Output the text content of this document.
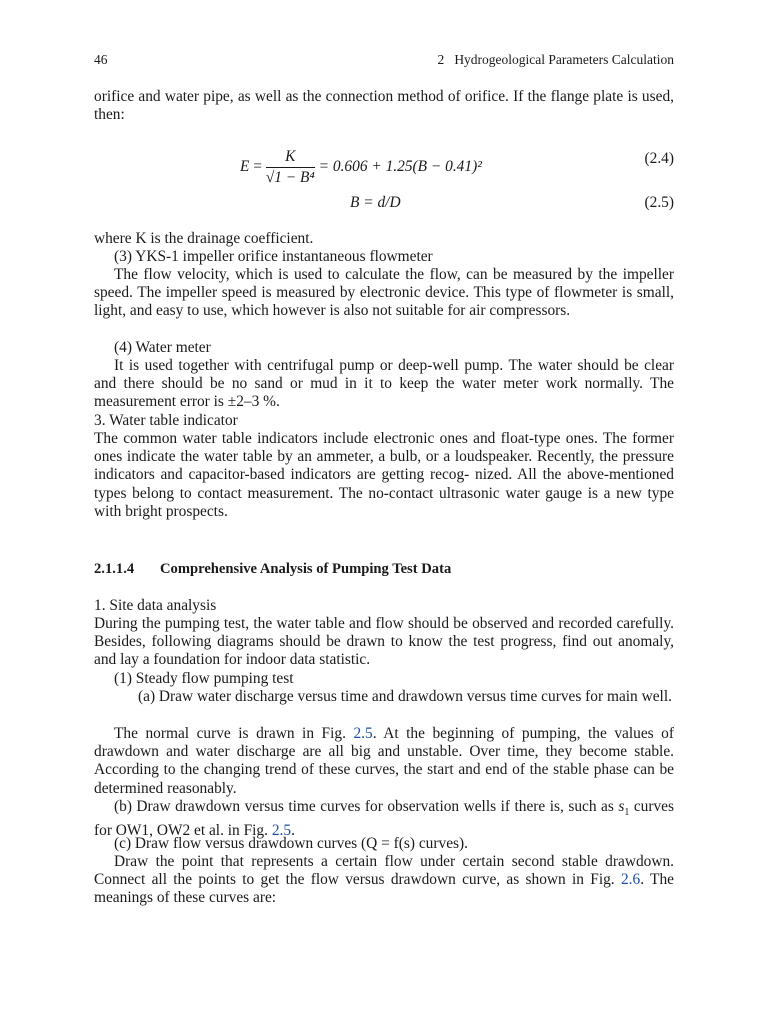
46	2   Hydrogeological Parameters Calculation

orifice and water pipe, as well as the connection method of orifice. If the flange plate is used, then:

$E = \frac{K}{\text{√1 − B⁴}} = 0.606 + 1.25(B - 0.41)^2$	(2.4)
B = d/D	(2.5)

where K is the drainage coefficient.

(3) YKS-1 impeller orifice instantaneous flowmeter

The flow velocity, which is used to calculate the flow, can be measured by the impeller speed. The impeller speed is measured by electronic device. This type of flowmeter is small, light, and easy to use, which however is also not suitable for air compressors.

(4) Water meter

It is used together with centrifugal pump or deep-well pump. The water should be clear and there should be no sand or mud in it to keep the water meter work normally. The measurement error is ±2–3 %.

3. Water table indicator

The common water table indicators include electronic ones and float-type ones. The former ones indicate the water table by an ammeter, a bulb, or a loudspeaker. Recently, the pressure indicators and capacitor-based indicators are getting recog- nized. All the above-mentioned types belong to contact measurement. The no-contact ultrasonic water gauge is a new type with bright prospects.

2.1.1.4 Comprehensive Analysis of Pumping Test Data

1. Site data analysis

During the pumping test, the water table and flow should be observed and recorded carefully. Besides, following diagrams should be drawn to know the test progress, find out anomaly, and lay a foundation for indoor data statistic.

(1) Steady flow pumping test

(a) Draw water discharge versus time and drawdown versus time curves for main well.

The normal curve is drawn in Fig. 2.5. At the beginning of pumping, the values of drawdown and water discharge are all big and unstable. Over time, they become stable. According to the changing trend of these curves, the start and end of the stable phase can be determined reasonably.

(b) Draw drawdown versus time curves for observation wells if there is, such as $s_1$ curves for OW1, OW2 et al. in Fig. 2.5.

(c) Draw flow versus drawdown curves (Q = f(s) curves).

Draw the point that represents a certain flow under certain second stable drawdown. Connect all the points to get the flow versus drawdown curve, as shown in Fig. 2.6. The meanings of these curves are:
